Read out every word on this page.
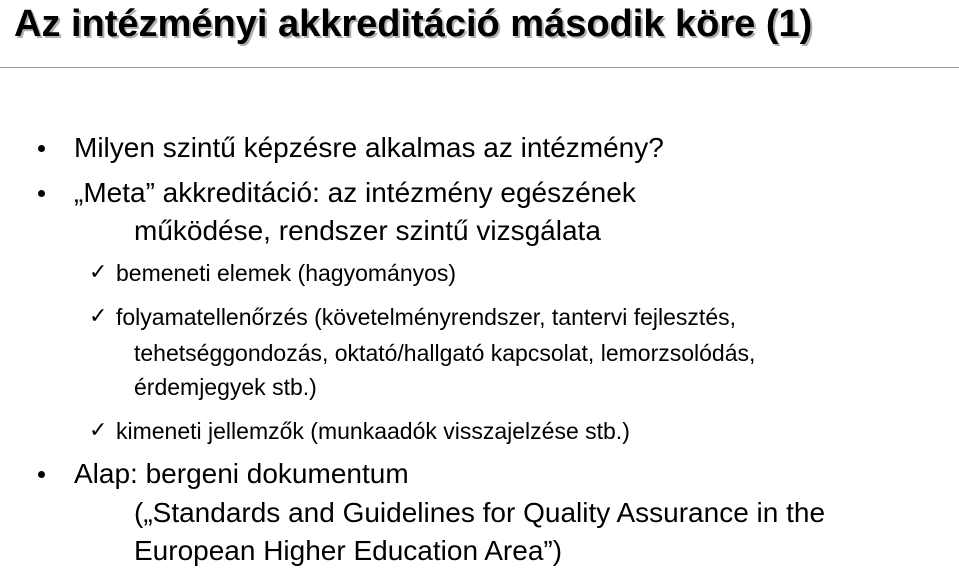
Az intézményi akkreditáció második köre (1)
Milyen szintű képzésre alkalmas az intézmény?
„Meta” akkreditáció: az intézmény egészének
működése, rendszer szintű vizsgálata
✓ bemeneti elemek (hagyományos)
✓ folyamatellenőrzés (követelményrendszer, tantervi fejlesztés,
tehetséggondozás, oktató/hallgató kapcsolat, lemorzsolódás,
érdemjegyek stb.)
✓ kimeneti jellemzők (munkaadók visszajelzése stb.)
Alap: bergeni dokumentum
(„Standards and Guidelines for Quality Assurance in the
European Higher Education Area”)
